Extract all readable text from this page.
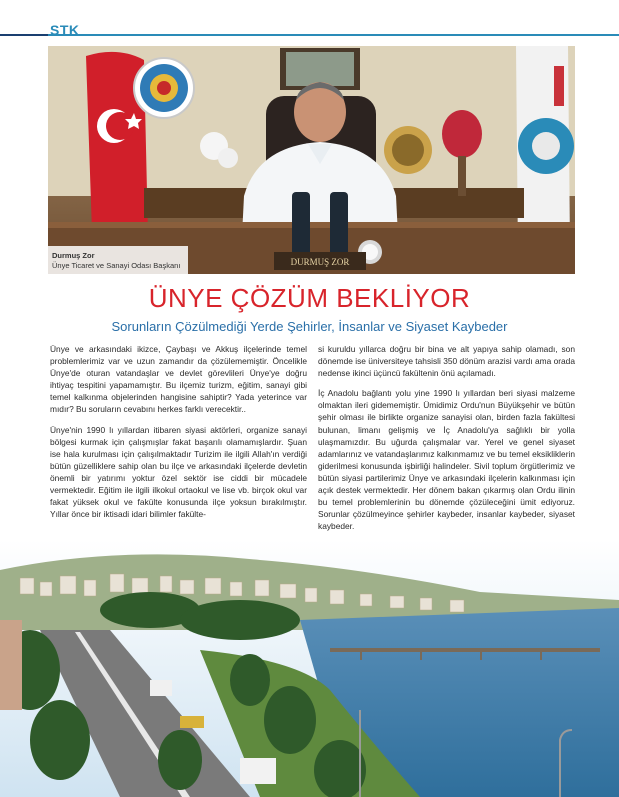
STK
DURMUŞ ZOR
Durmuş Zor
Ünye Ticaret ve Sanayi Odası Başkanı
ÜNYE ÇÖZÜM BEKLİYOR
Sorunların Çözülmediği Yerde Şehirler, İnsanlar ve Siyaset Kaybeder

Ünye ve arkasındaki ikizce, Çaybaşı ve Akkuş ilçelerinde temel problemlerimiz var ve uzun zamandır da çözülememiştir. Öncelikle Ünye'de oturan vatandaşlar ve devlet görevlileri Ünye'ye doğru ihtiyaç tespitini yapamamıştır. Bu ilçemiz turizm, eğitim, sanayi gibi temel kalkınma objelerinden hangisine sahiptir? Yada yeterince var mıdır? Bu soruların cevabını herkes farklı verecektir..

Ünye'nin 1990 lı yıllardan itibaren siyasi aktörleri, organize sanayi bölgesi kurmak için çalışmışlar fakat başarılı olamamışlardır. Şuan ise hala kurulması için çalışılmaktadır Turizim ile ilgili Allah'ın verdiği bütün güzelliklere sahip olan bu ilçe ve arkasındaki ilçelerde devletin önemli bir yatırımı yoktur özel sektör ise ciddi bir mücadele vermektedir. Eğitim ile ilgili ilkokul ortaokul ve lise vb. birçok okul var fakat yüksek okul ve fakülte konusunda ilçe yoksun bırakılmıştır. Yıllar önce bir iktisadi idari bilimler fakülte-

si kuruldu yıllarca doğru bir bina ve alt yapıya sahip olamadı, son dönemde ise üniversiteye tahsisli 350 dönüm arazisi vardı ama orada nedense ikinci üçüncü fakültenin önü açılamadı.

İç Anadolu bağlantı yolu yine 1990 lı yıllardan beri siyasi malzeme olmaktan ileri gidememiştir. Ümidimiz Ordu'nun Büyükşehir ve bütün şehir olması ile birlikte organize sanayisi olan, birden fazla fakültesi bulunan, limanı gelişmiş ve İç Anadolu'ya sağlıklı bir yolla ulaşmamızdır. Bu uğurda çalışmalar var. Yerel ve genel siyaset adamlarınız ve vatandaşlarımız kalkınmamız ve bu temel eksikliklerin giderilmesi konusunda işbirliği halindeler. Sivil toplum örgütlerimiz ve bütün siyasi partilerimiz Ünye ve arkasındaki ilçelerin kalkınması için açık destek vermektedir. Her dönem bakan çıkarmış olan Ordu ilinin bu temel problemlerinin bu dönemde çözüleceğini ümit ediyoruz. Sorunlar çözülmeyince şehirler kaybeder, insanlar kaybeder, siyaset kaybeder.
